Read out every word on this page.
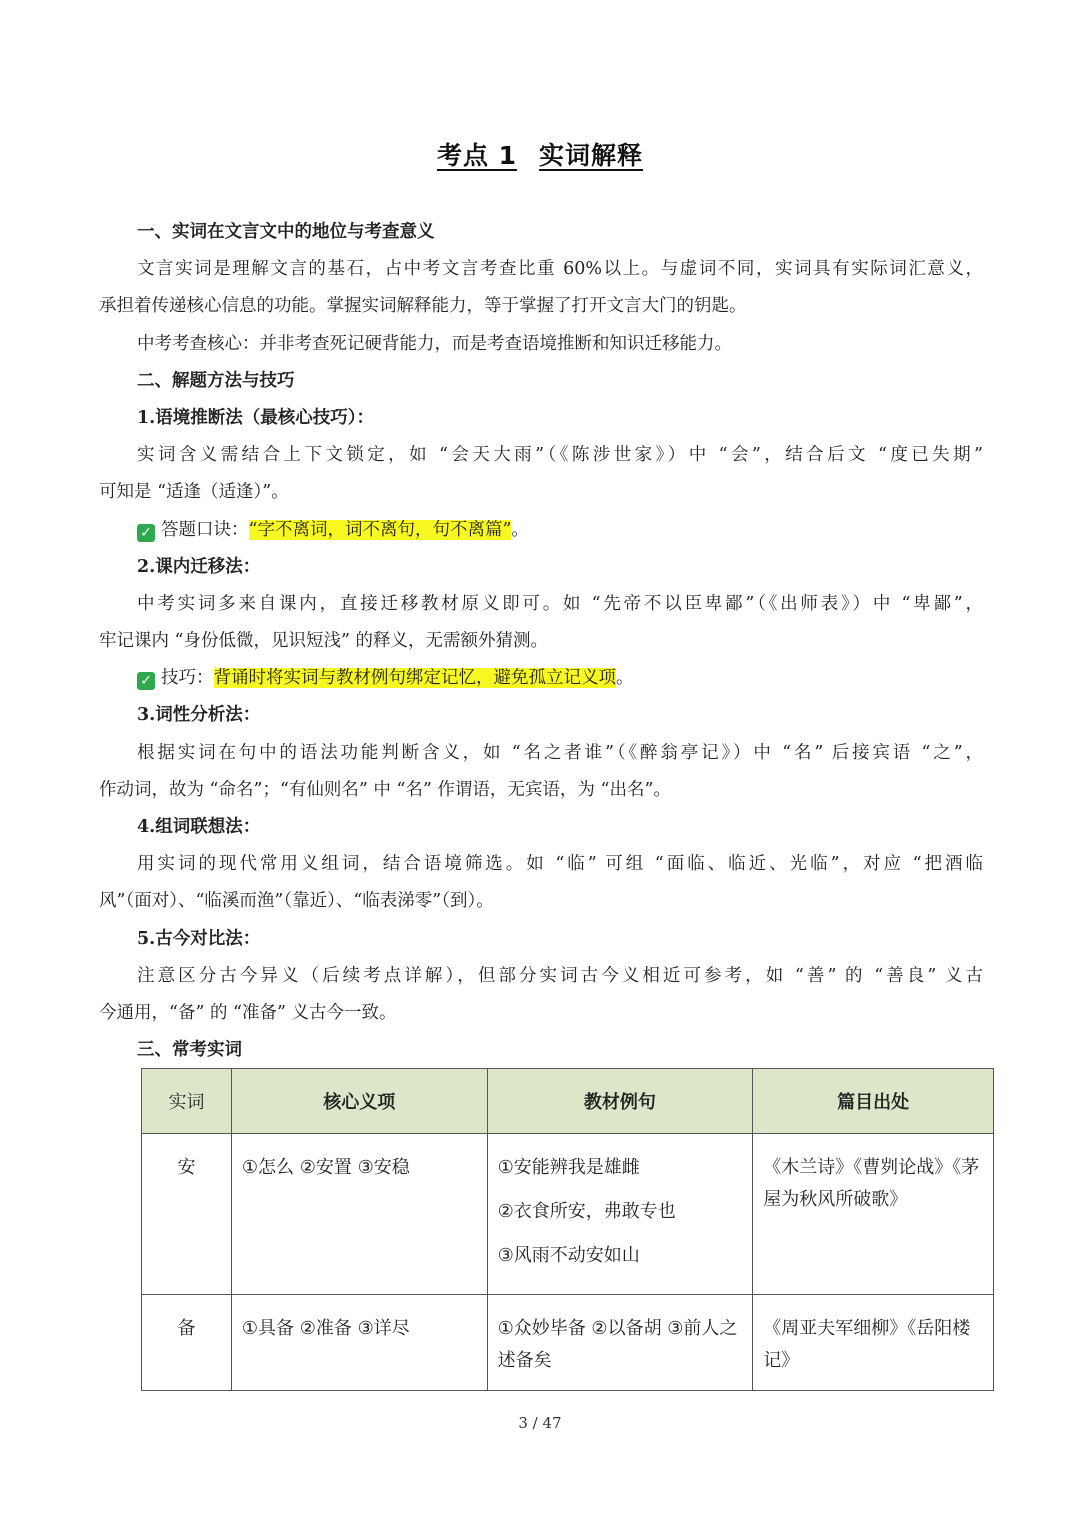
考点 1 实词解释
一、实词在文言文中的地位与考查意义
文言实词是理解文言的基石，占中考文言考查比重 60%以上。与虚词不同，实词具有实际词汇意义，
承担着传递核心信息的功能。掌握实词解释能力，等于掌握了打开文言大门的钥匙。
中考考查核心：并非考查死记硬背能力，而是考查语境推断和知识迁移能力。
二、解题方法与技巧
1.语境推断法（最核心技巧）：
实词含义需结合上下文锁定，如 “会天大雨”（《陈涉世家》）中 “会”，结合后文 “度已失期”
可知是 “适逢（适逢）”。
✓ 答题口诀：“字不离词，词不离句，句不离篇”。
2.课内迁移法：
中考实词多来自课内，直接迁移教材原义即可。如 “先帝不以臣卑鄙”（《出师表》）中 “卑鄙”，
牢记课内 “身份低微，见识短浅” 的释义，无需额外猜测。
✓ 技巧：背诵时将实词与教材例句绑定记忆，避免孤立记义项。
3.词性分析法：
根据实词在句中的语法功能判断含义，如 “名之者谁”（《醉翁亭记》）中 “名” 后接宾语 “之”，
作动词，故为 “命名”；“有仙则名” 中 “名” 作谓语，无宾语，为 “出名”。
4.组词联想法：
用实词的现代常用义组词，结合语境筛选。如 “临” 可组 “面临、临近、光临”，对应 “把酒临
风”（面对）、“临溪而渔”（靠近）、“临表涕零”（到）。
5.古今对比法：
注意区分古今异义（后续考点详解），但部分实词古今义相近可参考，如 “善” 的 “善良” 义古
今通用，“备” 的 “准备” 义古今一致。
三、常考实词
实词	核心义项	教材例句	篇目出处
安	①怎么 ②安置 ③安稳	①安能辨我是雄雌
②衣食所安，弗敢专也
③风雨不动安如山	《木兰诗》《曹刿论战》《茅屋为秋风所破歌》
备	①具备 ②准备 ③详尽	①众妙毕备 ②以备胡 ③前人之述备矣	《周亚夫军细柳》《岳阳楼记》
3 / 47
